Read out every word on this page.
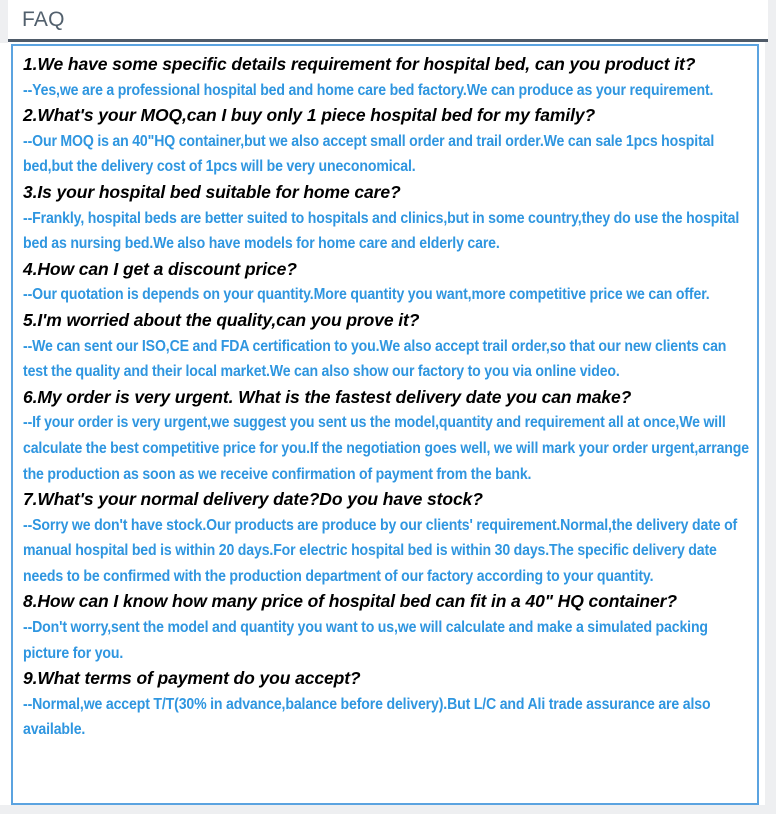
FAQ
1.We have some specific details requirement for hospital bed, can you product it?
--Yes,we are a professional hospital bed and home care bed factory.We can produce as your requirement.
2.What's your MOQ,can I buy only 1 piece hospital bed for my family?
--Our MOQ is an 40"HQ container,but we also accept small order and trail order.We can sale 1pcs hospital bed,but the delivery cost of 1pcs will be very uneconomical.
3.Is your hospital bed suitable for home care?
--Frankly, hospital beds are better suited to hospitals and clinics,but in some country,they do use the hospital bed as nursing bed.We also have models for home care and elderly care.
4.How can I get a discount price?
--Our quotation is depends on your quantity.More quantity you want,more competitive price we can offer.
5.I'm worried about the quality,can you prove it?
--We can sent our ISO,CE and FDA certification to you.We also accept trail order,so that our new clients can test the quality and their local market.We can also show our factory to you via online video.
6.My order is very urgent. What is the fastest delivery date you can make?
--If your order is very urgent,we suggest you sent us the model,quantity and requirement all at once,We will calculate the best competitive price for you.If the negotiation goes well, we will mark your order urgent,arrange the production as soon as we receive confirmation of payment from the bank.
7.What's your normal delivery date?Do you have stock?
--Sorry we don't have stock.Our products are produce by our clients' requirement.Normal,the delivery date of manual hospital bed is within 20 days.For electric hospital bed is within 30 days.The specific delivery date needs to be confirmed with the production department of our factory according to your quantity.
8.How can I know how many price of hospital bed can fit in a 40" HQ container?
--Don't worry,sent the model and quantity you want to us,we will calculate and make a simulated packing picture for you.
9.What terms of payment do you accept?
--Normal,we accept T/T(30% in advance,balance before delivery).But L/C and Ali trade assurance are also available.
